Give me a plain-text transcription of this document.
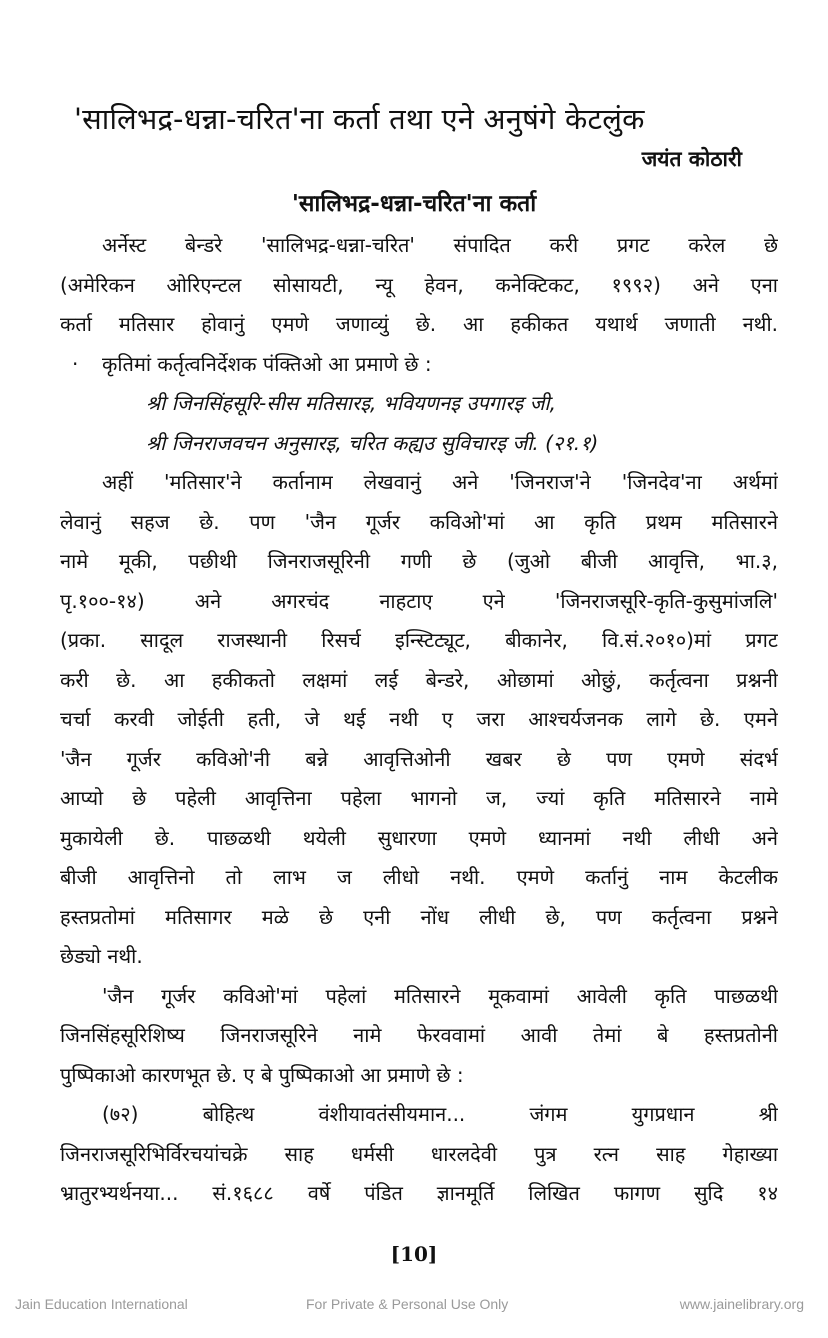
'सालिभद्र-धन्ना-चरित'ना कर्ता तथा एने अनुषंगे केटलुंक
जयंत कोठारी
'सालिभद्र-धन्ना-चरित'ना कर्ता
अर्नेस्ट बेन्डरे 'सालिभद्र-धन्ना-चरित' संपादित करी प्रगट करेल छे
(अमेरिकन ओरिएन्टल सोसायटी, न्यू हेवन, कनेक्टिकट, १९९२) अने एना
कर्ता मतिसार होवानुं एमणे जणाव्युं छे. आ हकीकत यथार्थ जणाती नथी.
· कृतिमां कर्तृत्वनिर्देशक पंक्तिओ आ प्रमाणे छे :
श्री जिनसिंहसूरि-सीस मतिसारइ, भवियणनइ उपगारइ जी,
श्री जिनराजवचन अनुसारइ, चरित कह्यउ सुविचारइ जी. (२१.१)
अहीं 'मतिसार'ने कर्तानाम लेखवानुं अने 'जिनराज'ने 'जिनदेव'ना अर्थमां
लेवानुं सहज छे. पण 'जैन गूर्जर कविओ'मां आ कृति प्रथम मतिसारने
नामे मूकी, पछीथी जिनराजसूरिनी गणी छे (जुओ बीजी आवृत्ति, भा.३,
पृ.१००-१४) अने अगरचंद नाहटाए एने 'जिनराजसूरि-कृति-कुसुमांजलि'
(प्रका. सादूल राजस्थानी रिसर्च इन्स्टिट्यूट, बीकानेर, वि.सं.२०१०)मां प्रगट
करी छे. आ हकीकतो लक्षमां लई बेन्डरे, ओछामां ओछुं, कर्तृत्वना प्रश्ननी
चर्चा करवी जोईती हती, जे थई नथी ए जरा आश्चर्यजनक लागे छे. एमने
'जैन गूर्जर कविओ'नी बन्ने आवृत्तिओनी खबर छे पण एमणे संदर्भ
आप्यो छे पहेली आवृत्तिना पहेला भागनो ज, ज्यां कृति मतिसारने नामे
मुकायेली छे. पाछळथी थयेली सुधारणा एमणे ध्यानमां नथी लीधी अने
बीजी आवृत्तिनो तो लाभ ज लीधो नथी. एमणे कर्तानुं नाम केटलीक
हस्तप्रतोमां मतिसागर मळे छे एनी नोंध लीधी छे, पण कर्तृत्वना प्रश्नने
छेड्यो नथी.
'जैन गूर्जर कविओ'मां पहेलां मतिसारने मूकवामां आवेली कृति पाछळथी
जिनसिंहसूरिशिष्य जिनराजसूरिने नामे फेरववामां आवी तेमां बे हस्तप्रतोनी
पुष्पिकाओ कारणभूत छे. ए बे पुष्पिकाओ आ प्रमाणे छे :
(७२) बोहित्थ वंशीयावतंसीयमान... जंगम युगप्रधान श्री
जिनराजसूरिभिर्विरचयांचक्रे साह धर्मसी धारलदेवी पुत्र रत्न साह गेहाख्या
भ्रातुरभ्यर्थनया... सं.१६८८ वर्षे पंडित ज्ञानमूर्ति लिखित फागण सुदि १४
[10]
Jain Education International	For Private & Personal Use Only	www.jainelibrary.org
